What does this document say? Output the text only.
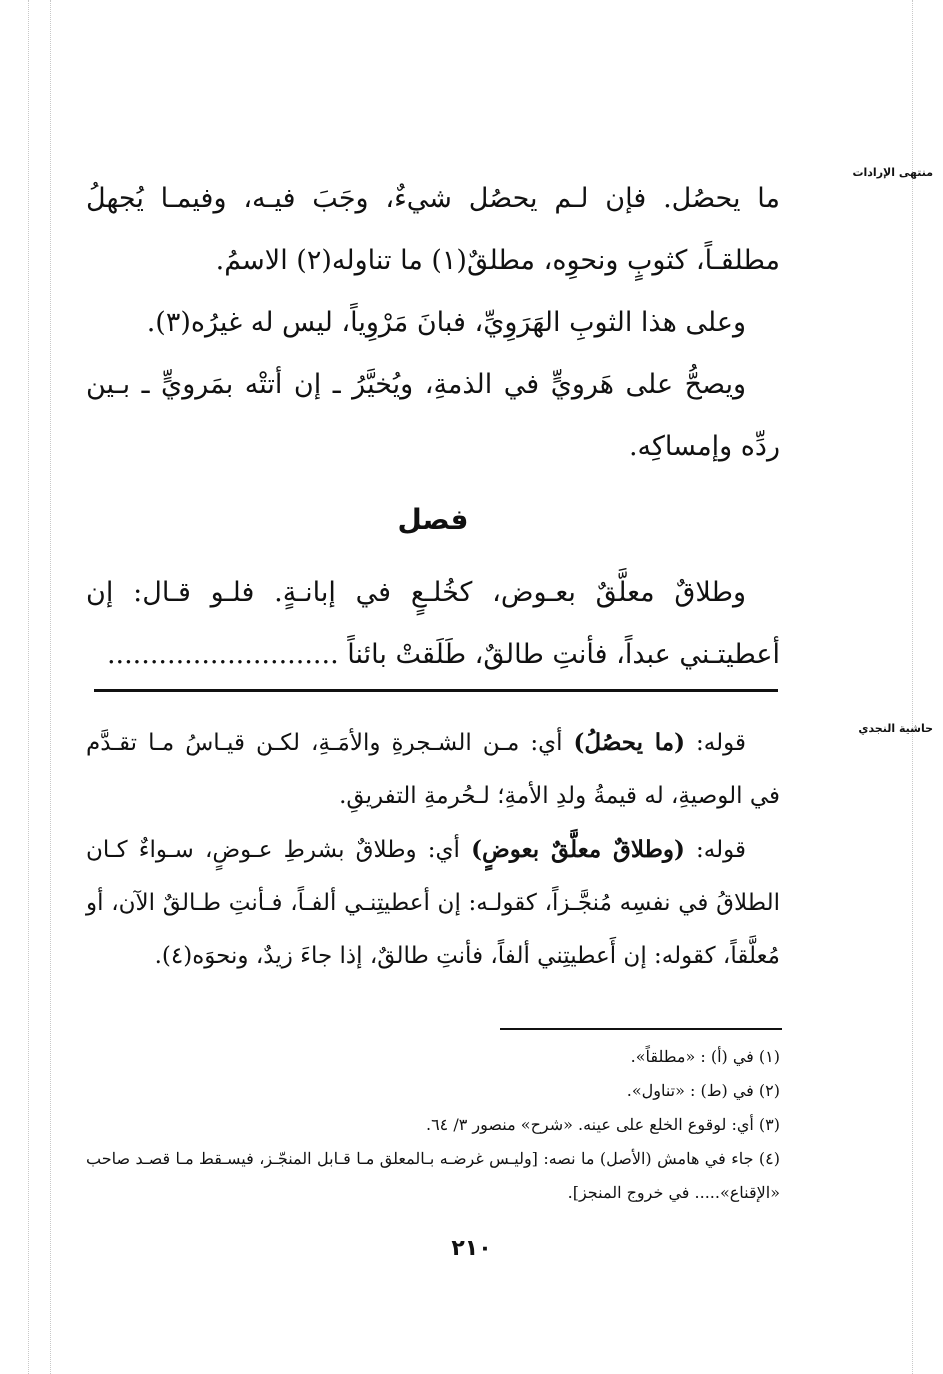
منتهى الإرادات
حاشية النجدي

ما يحصُل. فإن لـم يحصُل شيءٌ، وجَبَ فيـه، وفيمـا يُجهلُ مطلقـاً، كثوبٍ ونحوِه، مطلقٌ(١) ما تناوله(٢) الاسمُ.

وعلى هذا الثوبِ الهَرَوِيِّ، فبانَ مَرْوِياً، ليس له غيرُه(٣).

ويصحُّ على هَرويٍّ في الذمةِ، ويُخيَّرُ ـ إن أتتْه بمَرويٍّ ـ بـين ردِّه وإمساكِه.

فصل

وطلاقٌ معلَّقٌ بعـوض، كخُلـعٍ في إبانـةٍ. فلـو قـال: إن أعطيتـني عبداً، فأنتِ طالقٌ، طَلَقتْ بائناً ...........................

قوله: (ما يحصُلُ) أي: مـن الشـجرةِ والأمَـةِ، لكـن قيـاسُ مـا تقـدَّم في الوصيةِ، له قيمةُ ولدِ الأمةِ؛ لـحُرمةِ التفريقِ.

قوله: (وطلاقٌ معلَّقٌ بعوضٍ) أي: وطلاقٌ بشرطِ عـوضٍ، سـواءٌ كـان الطلاقُ في نفسِه مُنجَّـزاً، كقولـه: إن أعطيتِنـي ألفـاً، فـأنتِ طـالقٌ الآن، أو مُعلَّقاً، كقوله: إن أَعطيتِني ألفاً، فأنتِ طالقٌ، إذا جاءَ زيدٌ، ونحوَه(٤).

(١) في (أ) : «مطلقاً».

(٢) في (ط) : «تناول».

(٣) أي: لوقوع الخلع على عينه. «شرح» منصور ٣/ ٦٤.

(٤) جاء في هامش (الأصل) ما نصه: [وليـس غرضـه بـالمعلق مـا قـابل المنجّـز، فيسـقط مـا قصـد صاحب «الإقناع»..... في خروج المنجز].

٢١٠
